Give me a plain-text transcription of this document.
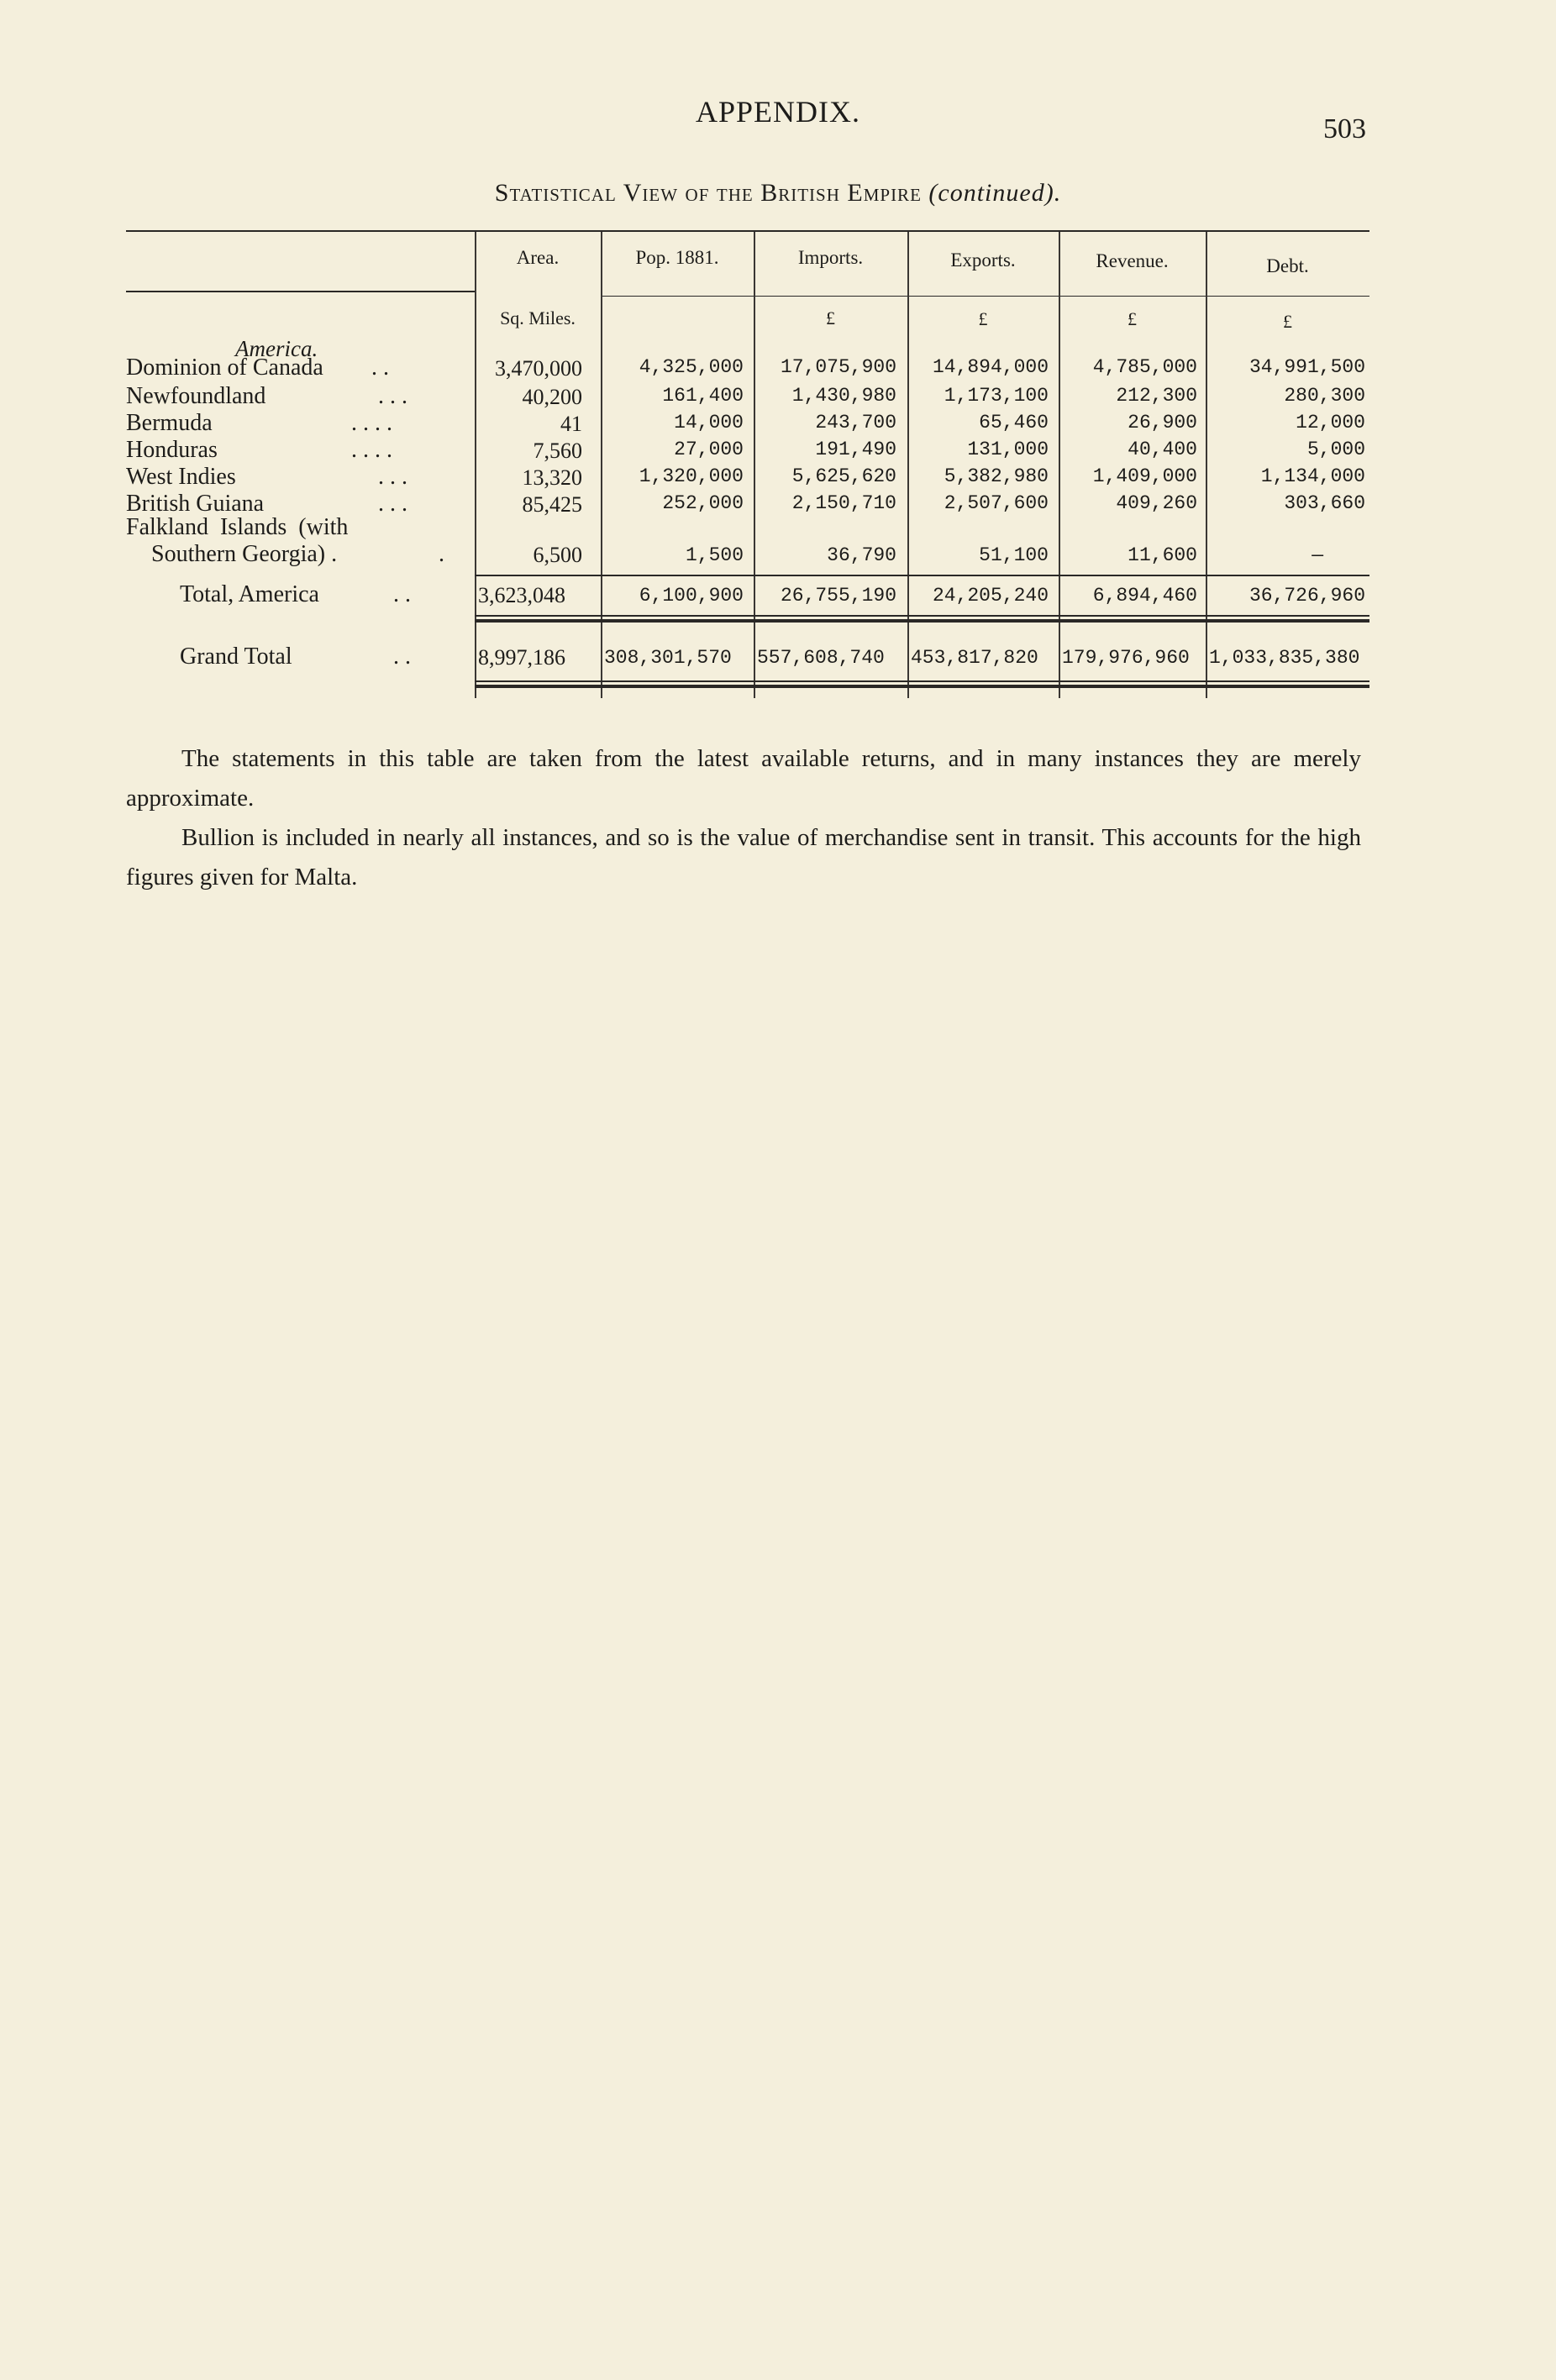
APPENDIX.
503
Statistical View of the British Empire (continued).
Area.	Pop. 1881.	Imports.	Exports.	Revenue.	Debt.
Sq. Miles.	£	£	£	£
America.
Dominion of Canada . .	3,470,000	4,325,000	17,075,900	14,894,000	4,785,000	34,991,500
Newfoundland	. . .	40,200	161,400	1,430,980	1,173,100	212,300	280,300
Bermuda	. . . .	41	14,000	243,700	65,460	26,900	12,000
Honduras	. . . .	7,560	27,000	191,490	131,000	40,400	5,000
West Indies	. . .	13,320	1,320,000	5,625,620	5,382,980	1,409,000	1,134,000
British Guiana	. . .	85,425	252,000	2,150,710	2,507,600	409,260	303,660
Falkland  Islands  (with
Southern Georgia) .	.	6,500	1,500	36,790	51,100	11,600	—
Total, America	. .	3,623,048	6,100,900	26,755,190	24,205,240	6,894,460	36,726,960
Grand Total	. .	8,997,186	308,301,570	557,608,740	453,817,820	179,976,960	1,033,835,380

The statements in this table are taken from the latest available returns, and in many instances they are merely approximate.

Bullion is included in nearly all instances, and so is the value of merchandise sent in transit. This accounts for the high figures given for Malta.
